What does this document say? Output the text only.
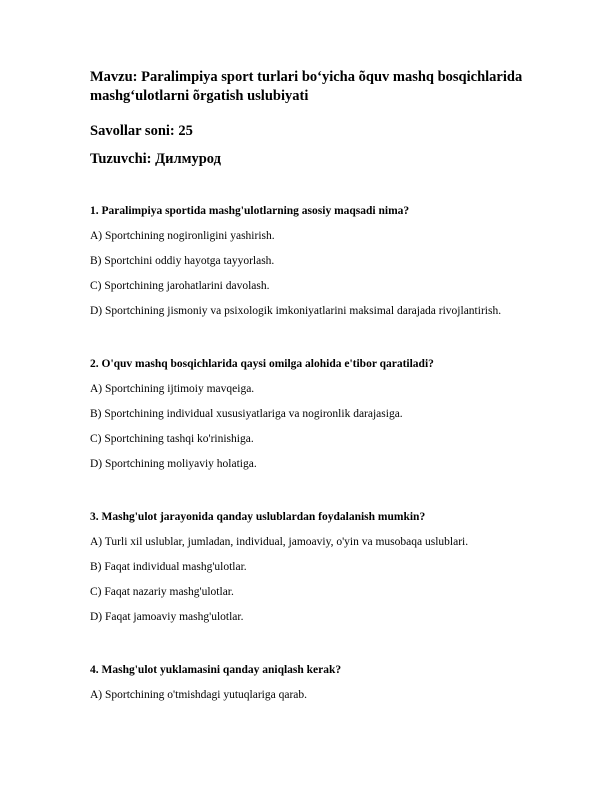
Mavzu: Paralimpiya sport turlari bo‘yicha õquv mashq bosqichlarida mashg‘ulotlarni õrgatish uslubiyati

Savollar soni: 25

Tuzuvchi: Дилмурод

1. Paralimpiya sportida mashg'ulotlarning asosiy maqsadi nima?

A) Sportchining nogironligini yashirish.

B) Sportchini oddiy hayotga tayyorlash.

C) Sportchining jarohatlarini davolash.

D) Sportchining jismoniy va psixologik imkoniyatlarini maksimal darajada rivojlantirish.

2. O'quv mashq bosqichlarida qaysi omilga alohida e'tibor qaratiladi?

A) Sportchining ijtimoiy mavqeiga.

B) Sportchining individual xususiyatlariga va nogironlik darajasiga.

C) Sportchining tashqi ko'rinishiga.

D) Sportchining moliyaviy holatiga.

3. Mashg'ulot jarayonida qanday uslublardan foydalanish mumkin?

A) Turli xil uslublar, jumladan, individual, jamoaviy, o'yin va musobaqa uslublari.

B) Faqat individual mashg'ulotlar.

C) Faqat nazariy mashg'ulotlar.

D) Faqat jamoaviy mashg'ulotlar.

4. Mashg'ulot yuklamasini qanday aniqlash kerak?

A) Sportchining o'tmishdagi yutuqlariga qarab.
